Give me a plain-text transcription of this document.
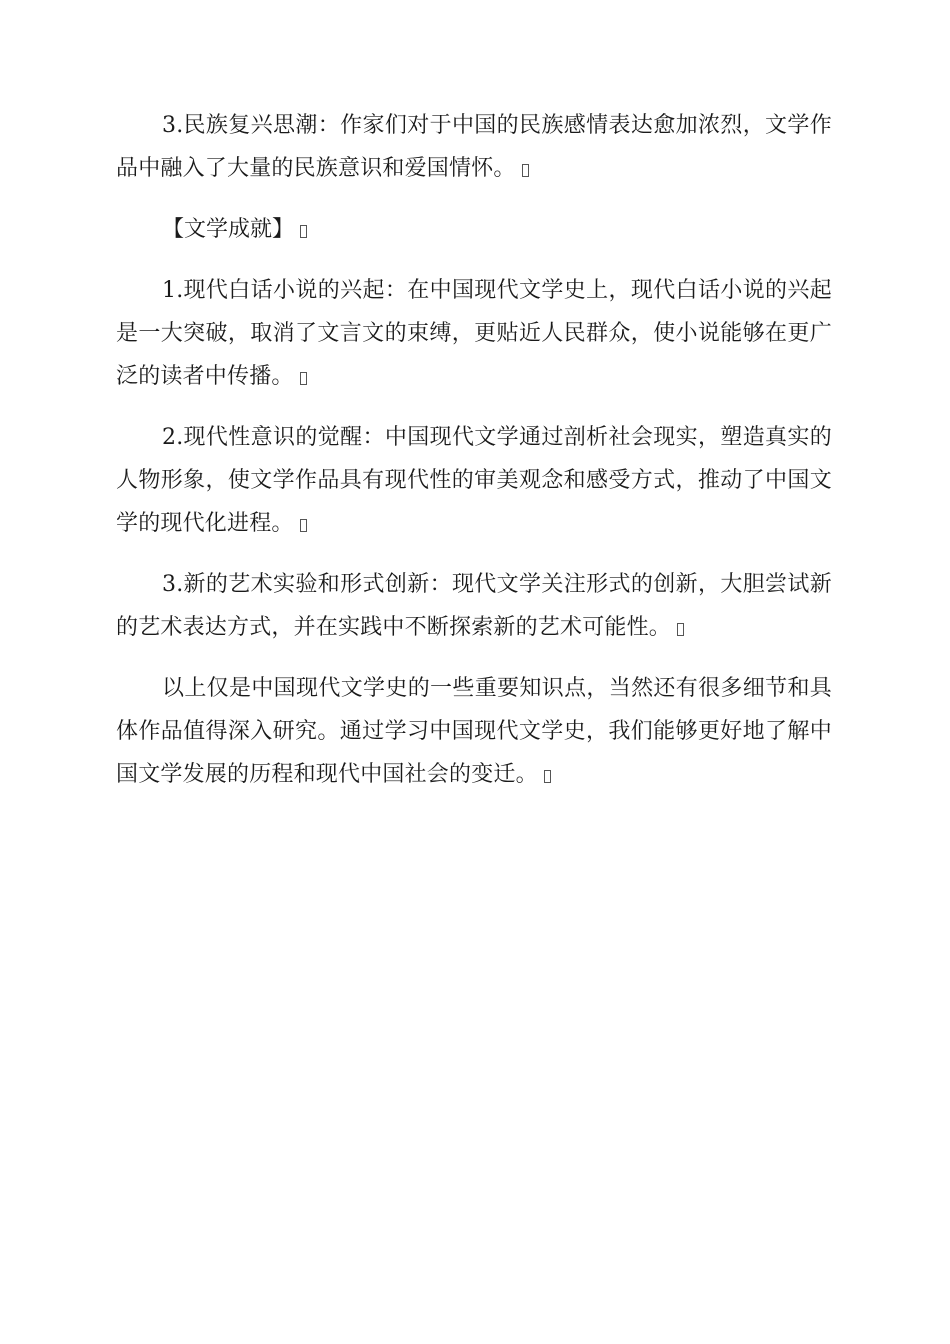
3.民族复兴思潮：作家们对于中国的民族感情表达愈加浓烈，文学作品中融入了大量的民族意识和爱国情怀。

【文学成就】

1.现代白话小说的兴起：在中国现代文学史上，现代白话小说的兴起是一大突破，取消了文言文的束缚，更贴近人民群众，使小说能够在更广泛的读者中传播。

2.现代性意识的觉醒：中国现代文学通过剖析社会现实，塑造真实的人物形象，使文学作品具有现代性的审美观念和感受方式，推动了中国文学的现代化进程。

3.新的艺术实验和形式创新：现代文学关注形式的创新，大胆尝试新的艺术表达方式，并在实践中不断探索新的艺术可能性。

以上仅是中国现代文学史的一些重要知识点，当然还有很多细节和具体作品值得深入研究。通过学习中国现代文学史，我们能够更好地了解中国文学发展的历程和现代中国社会的变迁。
